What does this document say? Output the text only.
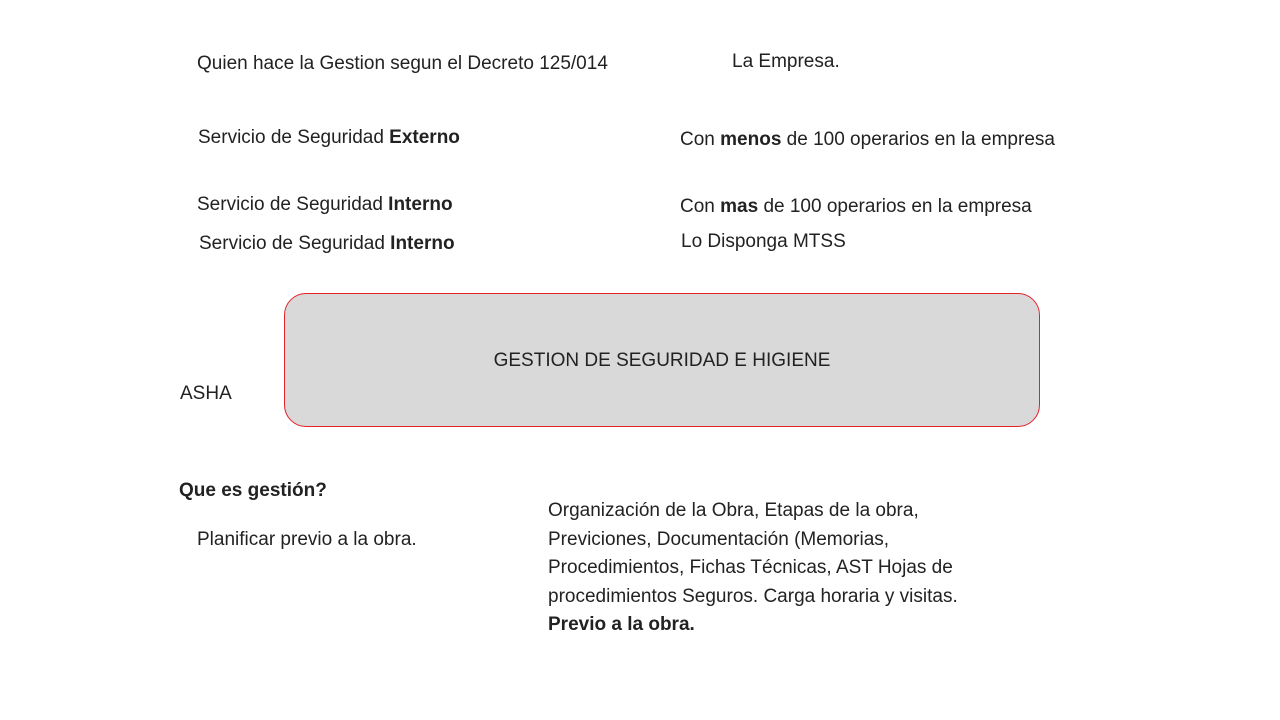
Quien hace la Gestion segun el Decreto 125/014	La Empresa.
Servicio de Seguridad Externo	Con menos de 100 operarios en la empresa
Servicio de Seguridad Interno	Con mas de 100 operarios en la empresa
Servicio de Seguridad Interno	Lo Disponga MTSS
GESTION DE SEGURIDAD E HIGIENE
ASHA
Que es gestión?
Planificar previo a la obra.
Organización de la Obra, Etapas de la obra,
Previciones, Documentación (Memorias,
Procedimientos, Fichas Técnicas, AST Hojas de
procedimientos Seguros. Carga horaria y visitas.
Previo a la obra.
